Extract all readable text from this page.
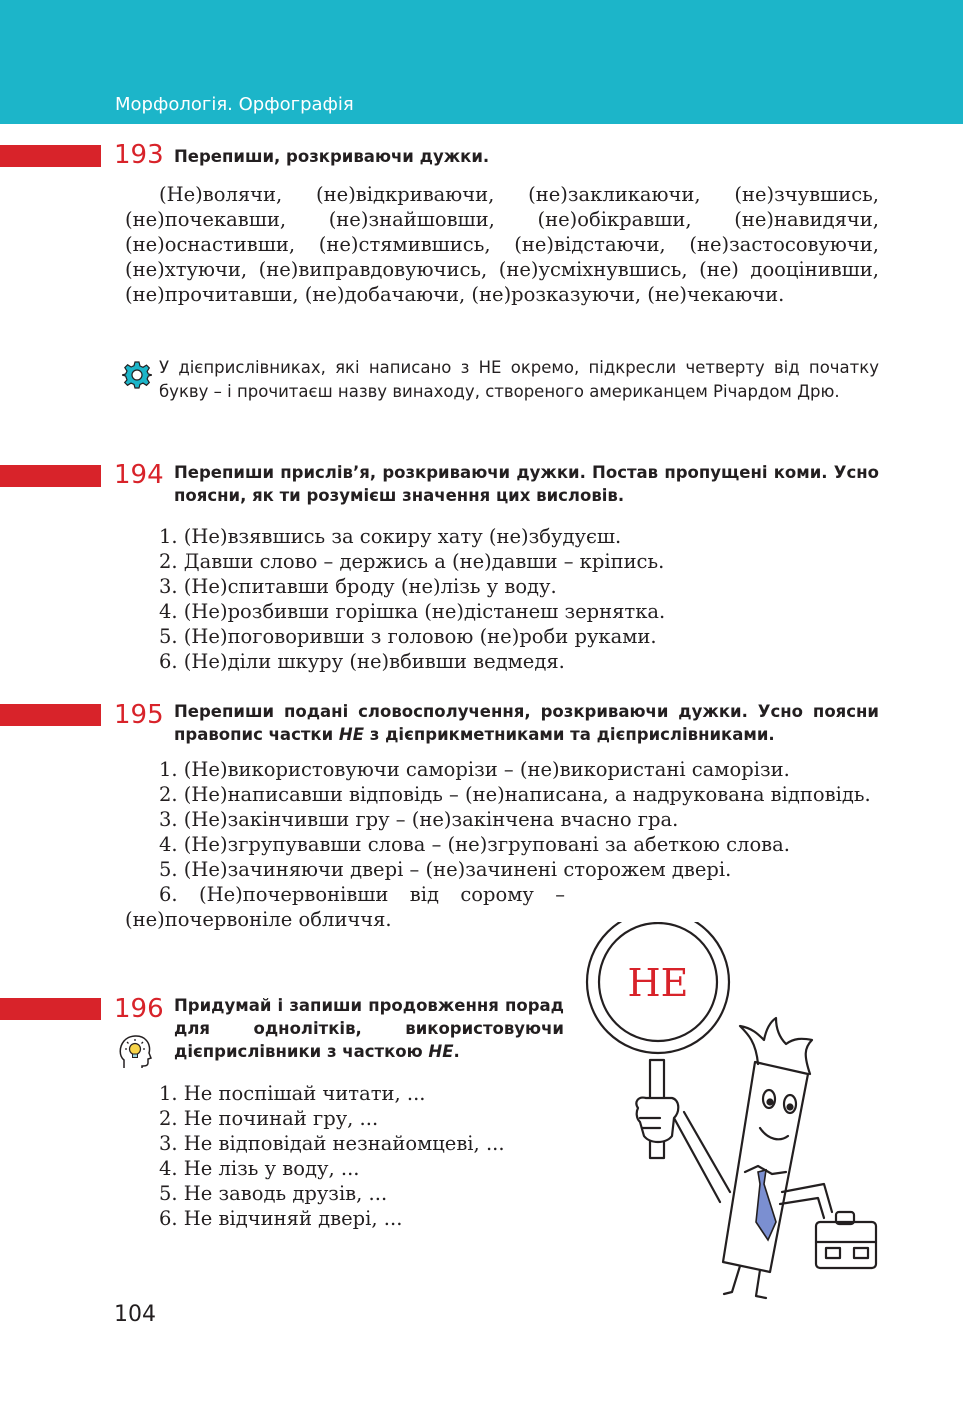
Морфологія. Орфографія
193 Перепиши, розкриваючи дужки.

(Не)волячи, (не)відкриваючи, (не)закликаючи, (не)зчувшись, (не)почекавши, (не)знайшовши, (не)обікравши, (не)навидячи, (не)оснастивши, (не)стямившись, (не)відстаючи, (не)застосовуючи, (не)хтуючи, (не)виправдовуючись, (не)усміхнувшись, (не) дооцінивши, (не)прочитавши, (не)добачаючи, (не)розказуючи, (не)чекаючи.

У дієприслівниках, які написано з НЕ окремо, підкресли четверту від початку букву – і прочитаєш назву винаходу, створеного американцем Річардом Дрю.
194 Перепиши прислів’я, розкриваючи дужки. Постав пропущені коми. Усно поясни, як ти розумієш значення цих висловів.
1. (Не)взявшись за сокиру хату (не)збудуєш.
2. Давши слово – держись а (не)давши – кріпись.
3. (Не)спитавши броду (не)лізь у воду.
4. (Не)розбивши горішка (не)дістанеш зернятка.
5. (Не)поговоривши з головою (не)роби руками.
6. (Не)діли шкуру (не)вбивши ведмедя.
195 Перепиши подані словосполучення, розкриваючи дужки. Усно поясни правопис частки НЕ з дієприкметниками та дієприслівниками.

1. (Не)використовуючи саморізи – (не)використані саморізи.

2. (Не)написавши відповідь – (не)написана, а надрукована відповідь.

3. (Не)закінчивши гру – (не)закінчена вчасно гра.

4. (Не)згрупувавши слова – (не)згруповані за абеткою слова.

5. (Не)зачиняючи двері – (не)зачинені сторожем двері.

6. (Не)почервонівши від сорому – (не)почервоніле обличчя.

196 Придумай і запиши продовження порад для однолітків, використовуючи дієприслівники з часткою НЕ.
1. Не поспішай читати, ...
2. Не починай гру, ...
3. Не відповідай незнайомцеві, ...
4. Не лізь у воду, ...
5. Не заводь друзів, ...
6. Не відчиняй двері, ...
НЕ
104
